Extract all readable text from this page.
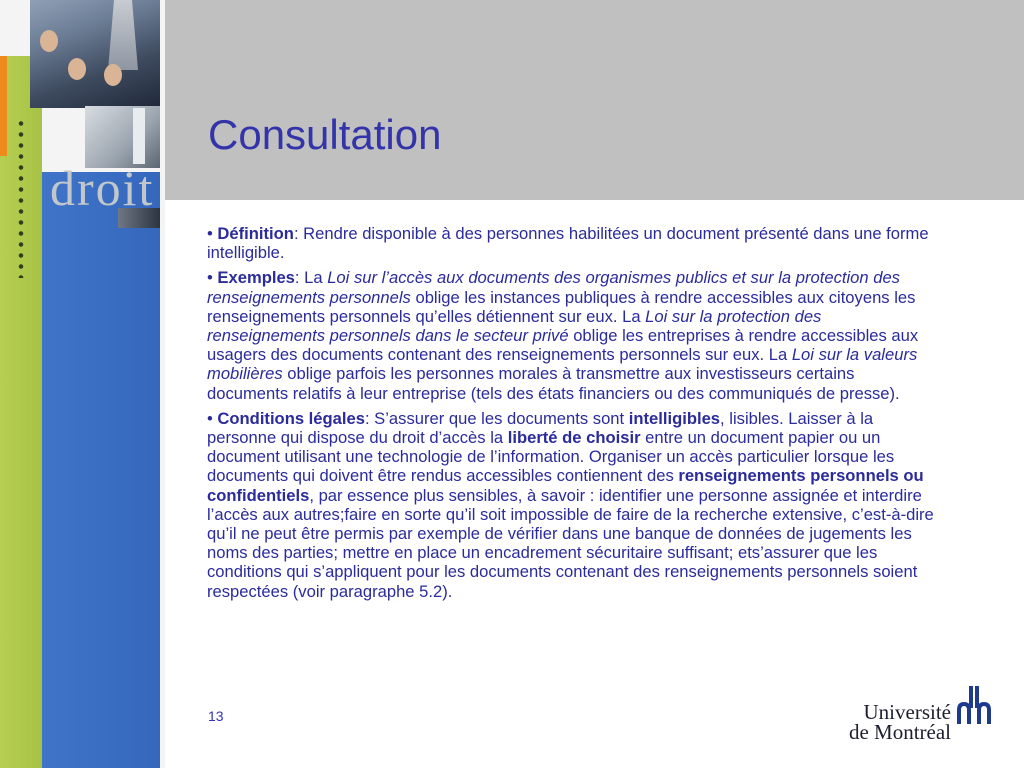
droit
Consultation
• Définition: Rendre disponible à des personnes habilitées un document présenté dans une forme intelligible.
• Exemples: La Loi sur l’accès aux documents des organismes publics et sur la protection des renseignements personnels oblige les instances publiques à rendre accessibles aux citoyens les renseignements personnels qu’elles détiennent sur eux. La Loi sur la protection des renseignements personnels dans le secteur privé oblige les entreprises à rendre accessibles aux usagers des documents contenant des renseignements personnels sur eux. La Loi sur la valeurs mobilières oblige parfois les personnes morales à transmettre aux investisseurs certains documents relatifs à leur entreprise (tels des états financiers ou des communiqués de presse).
• Conditions légales: S’assurer que les documents sont intelligibles, lisibles. Laisser à la personne qui dispose du droit d’accès la liberté de choisir entre un document papier ou un document utilisant une technologie de l’information. Organiser un accès particulier lorsque les documents qui doivent être rendus accessibles contiennent des renseignements personnels ou confidentiels, par essence plus sensibles, à savoir : identifier une personne assignée et interdire l’accès aux autres;faire en sorte qu’il soit impossible de faire de la recherche extensive, c’est-à-dire qu’il ne peut être permis par exemple de vérifier dans une banque de données de jugements les noms des parties; mettre en place un encadrement sécuritaire suffisant; ets’assurer que les conditions qui s’appliquent pour les documents contenant des renseignements personnels soient respectées (voir paragraphe 5.2).
13	Université
de Montréal
